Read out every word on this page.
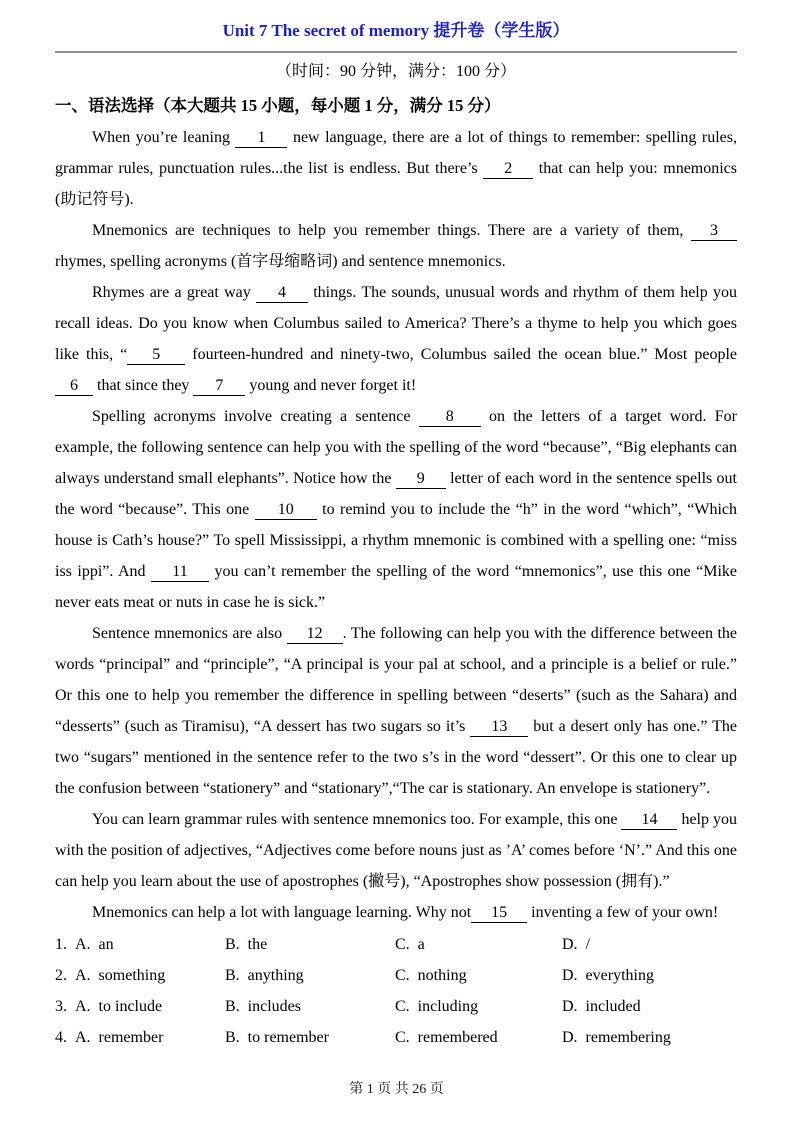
Unit 7 The secret of memory 提升卷（学生版）
（时间：90 分钟，满分：100 分）
一、语法选择（本大题共 15 小题，每小题 1 分，满分 15 分）

When you’re leaning 1 new language, there are a lot of things to remember: spelling rules, grammar rules, punctuation rules...the list is endless. But there’s 2 that can help you: mnemonics (助记符号).

Mnemonics are techniques to help you remember things. There are a variety of them, 3 rhymes, spelling acronyms (首字母缩略词) and sentence mnemonics.

Rhymes are a great way 4 things. The sounds, unusual words and rhythm of them help you recall ideas. Do you know when Columbus sailed to America? There’s a thyme to help you which goes like this, “ 5 fourteen-hundred and ninety-two, Columbus sailed the ocean blue.” Most people 6 that since they 7 young and never forget it!

Spelling acronyms involve creating a sentence 8 on the letters of a target word. For example, the following sentence can help you with the spelling of the word “because”, “Big elephants can always understand small elephants”. Notice how the 9 letter of each word in the sentence spells out the word “because”. This one 10 to remind you to include the “h” in the word “which”, “Which house is Cath’s house?” To spell Mississippi, a rhythm mnemonic is combined with a spelling one: “miss iss ippi”. And 11 you can’t remember the spelling of the word “mnemonics”, use this one “Mike never eats meat or nuts in case he is sick.”

Sentence mnemonics are also 12 . The following can help you with the difference between the words “principal” and “principle”, “A principal is your pal at school, and a principle is a belief or rule.” Or this one to help you remember the difference in spelling between “deserts” (such as the Sahara) and “desserts” (such as Tiramisu), “A dessert has two sugars so it’s 13 but a desert only has one.” The two “sugars” mentioned in the sentence refer to the two s’s in the word “dessert”. Or this one to clear up the confusion between “stationery” and “stationary”,“The car is stationary. An envelope is stationery”.

You can learn grammar rules with sentence mnemonics too. For example, this one 14 help you with the position of adjectives, “Adjectives come before nouns just as ’A’ comes before ‘N’.” And this one can help you learn about the use of apostrophes (撇号), “Apostrophes show possession (拥有).”

Mnemonics can help a lot with language learning. Why not 15 inventing a few of your own!

1.  A.  an	B.  the	C.  a	D.  /
2.  A.  something	B.  anything	C.  nothing	D.  everything
3.  A.  to include	B.  includes	C.  including	D.  included
4.  A.  remember	B.  to remember	C.  remembered	D.  remembering
第 1 页 共 26 页
